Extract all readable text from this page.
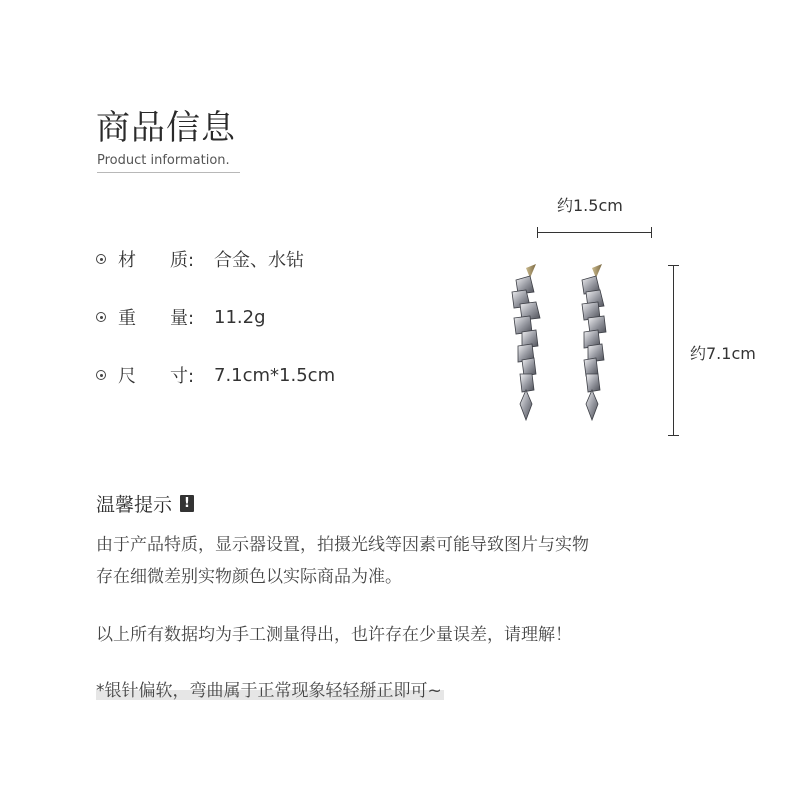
商品信息
Product information.
材 质:	合金、水钻
重 量:	11.2g
尺 寸:	7.1cm*1.5cm
约1.5cm
约7.1cm
温馨提示 !
由于产品特质，显示器设置，拍摄光线等因素可能导致图片与实物
存在细微差别实物颜色以实际商品为准。
以上所有数据均为手工测量得出，也许存在少量误差，请理解！
*银针偏软，弯曲属于正常现象轻轻掰正即可~
